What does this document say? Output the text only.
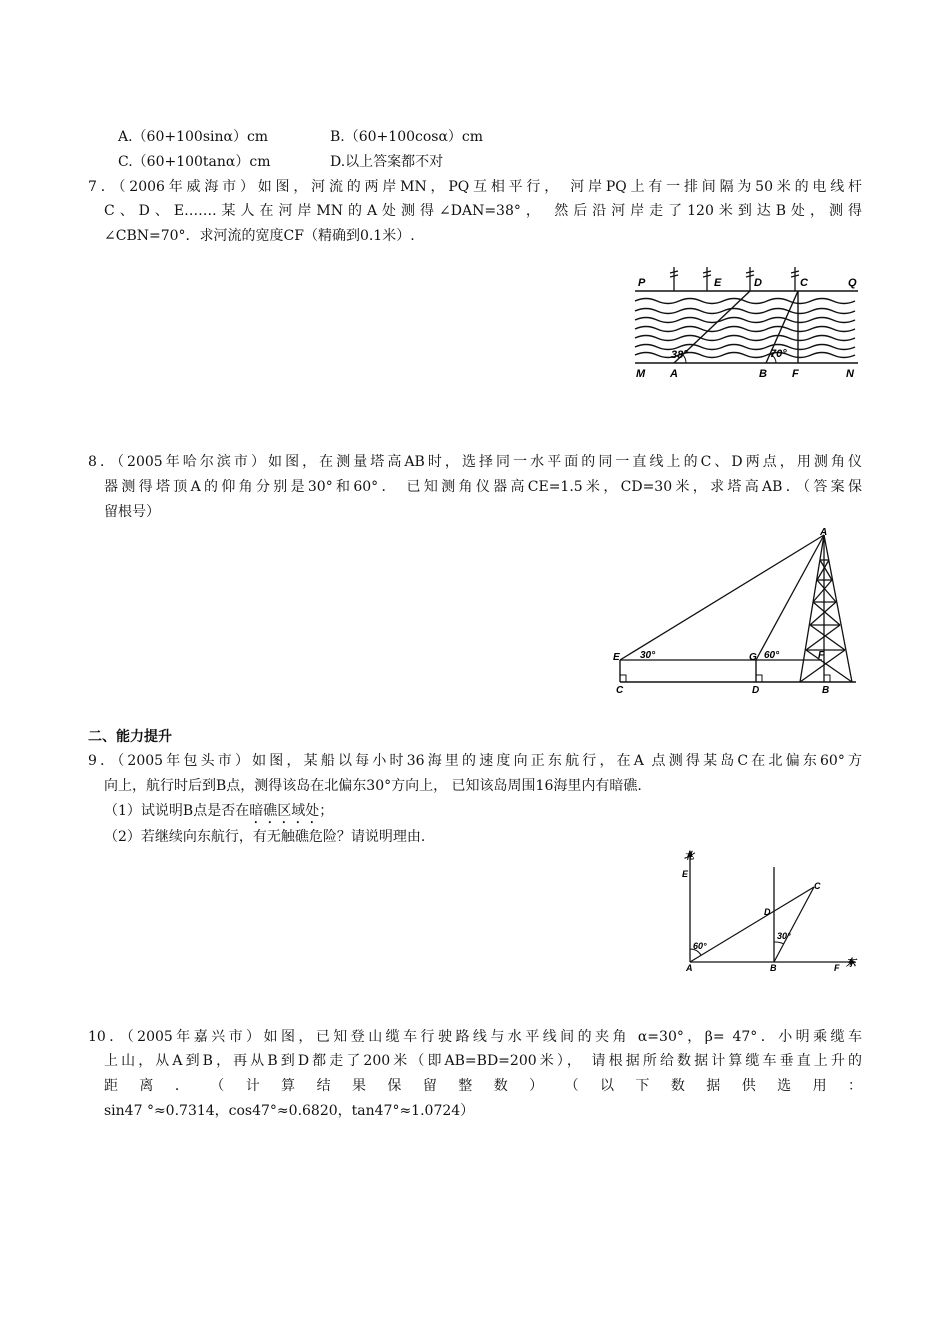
A.（60+100sinα）cm	B.（60+100cosα）cm
C.（60+100tanα）cm	D.以上答案都不对
7．（2006年威海市）如图，河流的两岸MN，PQ互相平行， 河岸PQ上有一排间隔为50米的电线杆
C、D、E…….某人在河岸MN的A处测得∠DAN=38°， 然后沿河岸走了120米到达B处，测得
∠CBN=70°．求河流的宽度CF（精确到0.1米）.
38°	70°
P	E	D	C	Q
M A	B F	N
8．（2005年哈尔滨市）如图，在测量塔高AB时，选择同一水平面的同一直线上的C、D两点，用测角仪
器测得塔顶A的仰角分别是30°和60°． 已知测角仪器高CE=1.5米，CD=30米，求塔高AB．（答案保
留根号）
A
E	G	F
C	D	B
30°	60°
二、能力提升
9．（2005年包头市）如图，某船以每小时36海里的速度向正东航行，在A 点测得某岛C在北偏东60°方
向上，航行时后到B点，测得该岛在北偏东30°方向上， 已知该岛周围16海里内有暗礁.
（1）试说明B点是否在暗礁区域处；
（2）若继续向东航行，有无触礁危险？请说明理由.
北
东
E
C
D
A	B	F
60°
30°
10．（2005年嘉兴市）如图，已知登山缆车行驶路线与水平线间的夹角 α=30°，β= 47°．小明乘缆车
上山，从A到B，再从B到D都走了200米（即AB=BD=200米）， 请根据所给数据计算缆车垂直上升的
距 离 ． （ 计 算 结 果 保 留 整 数 ） （ 以 下 数 据 供 选 用 ：
sin47 °≈0.7314，cos47°≈0.6820，tan47°≈1.0724）
